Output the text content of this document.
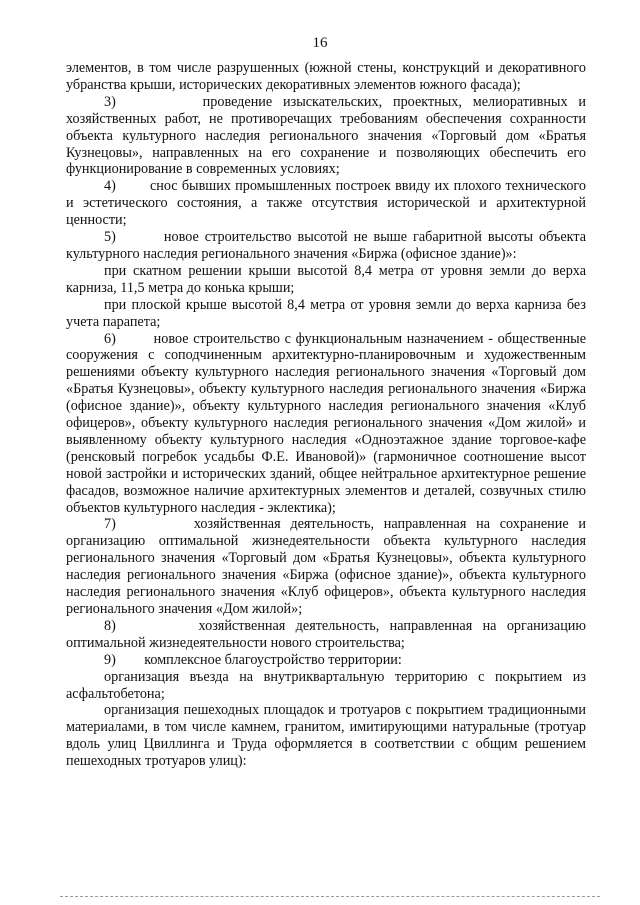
16

элементов, в том числе разрушенных (южной стены, конструкций и декоративного убранства крыши, исторических декоративных элементов южного фасада);

3)        проведение изыскательских, проектных, мелиоративных и хозяйственных работ, не противоречащих требованиям обеспечения сохранности объекта культурного наследия регионального значения «Торговый дом «Братья Кузнецовы», направленных на его сохранение и позволяющих обеспечить его функционирование в современных условиях;

4)        снос бывших промышленных построек ввиду их плохого технического и эстетического состояния, а также отсутствия исторической и архитектурной ценности;

5)        новое строительство высотой не выше габаритной высоты объекта культурного наследия регионального значения «Биржа (офисное здание)»:

при скатном решении крыши высотой 8,4 метра от уровня земли до верха карниза, 11,5 метра до конька крыши;

при плоской крыше высотой 8,4 метра от уровня земли до верха карниза без учета парапета;

6)        новое строительство с функциональным назначением - общественные сооружения с соподчиненным архитектурно-планировочным и художественным решениями объекту культурного наследия регионального значения «Торговый дом «Братья Кузнецовы», объекту культурного наследия регионального значения «Биржа (офисное здание)», объекту культурного наследия регионального значения «Клуб офицеров», объекту культурного наследия регионального значения «Дом жилой» и выявленному объекту культурного наследия «Одноэтажное здание торговое-кафе (ренсковый погребок усадьбы Ф.Е. Ивановой)» (гармоничное соотношение высот новой застройки и исторических зданий, общее нейтральное архитектурное решение фасадов, возможное наличие архитектурных элементов и деталей, созвучных стилю объектов культурного наследия - эклектика);

7)        хозяйственная деятельность, направленная на сохранение и организацию оптимальной жизнедеятельности объекта культурного наследия регионального значения «Торговый дом «Братья Кузнецовы», объекта культурного наследия регионального значения «Биржа (офисное здание)», объекта культурного наследия регионального значения «Клуб офицеров», объекта культурного наследия регионального значения «Дом жилой»;

8)        хозяйственная деятельность, направленная на организацию оптимальной жизнедеятельности нового строительства;

9)        комплексное благоустройство территории:

организация въезда на внутриквартальную территорию с покрытием из асфальтобетона;

организация пешеходных площадок и тротуаров с покрытием традиционными материалами, в том числе камнем, гранитом, имитирующими натуральные (тротуар вдоль улиц Цвиллинга и Труда оформляется в соответствии с общим решением пешеходных тротуаров улиц):
